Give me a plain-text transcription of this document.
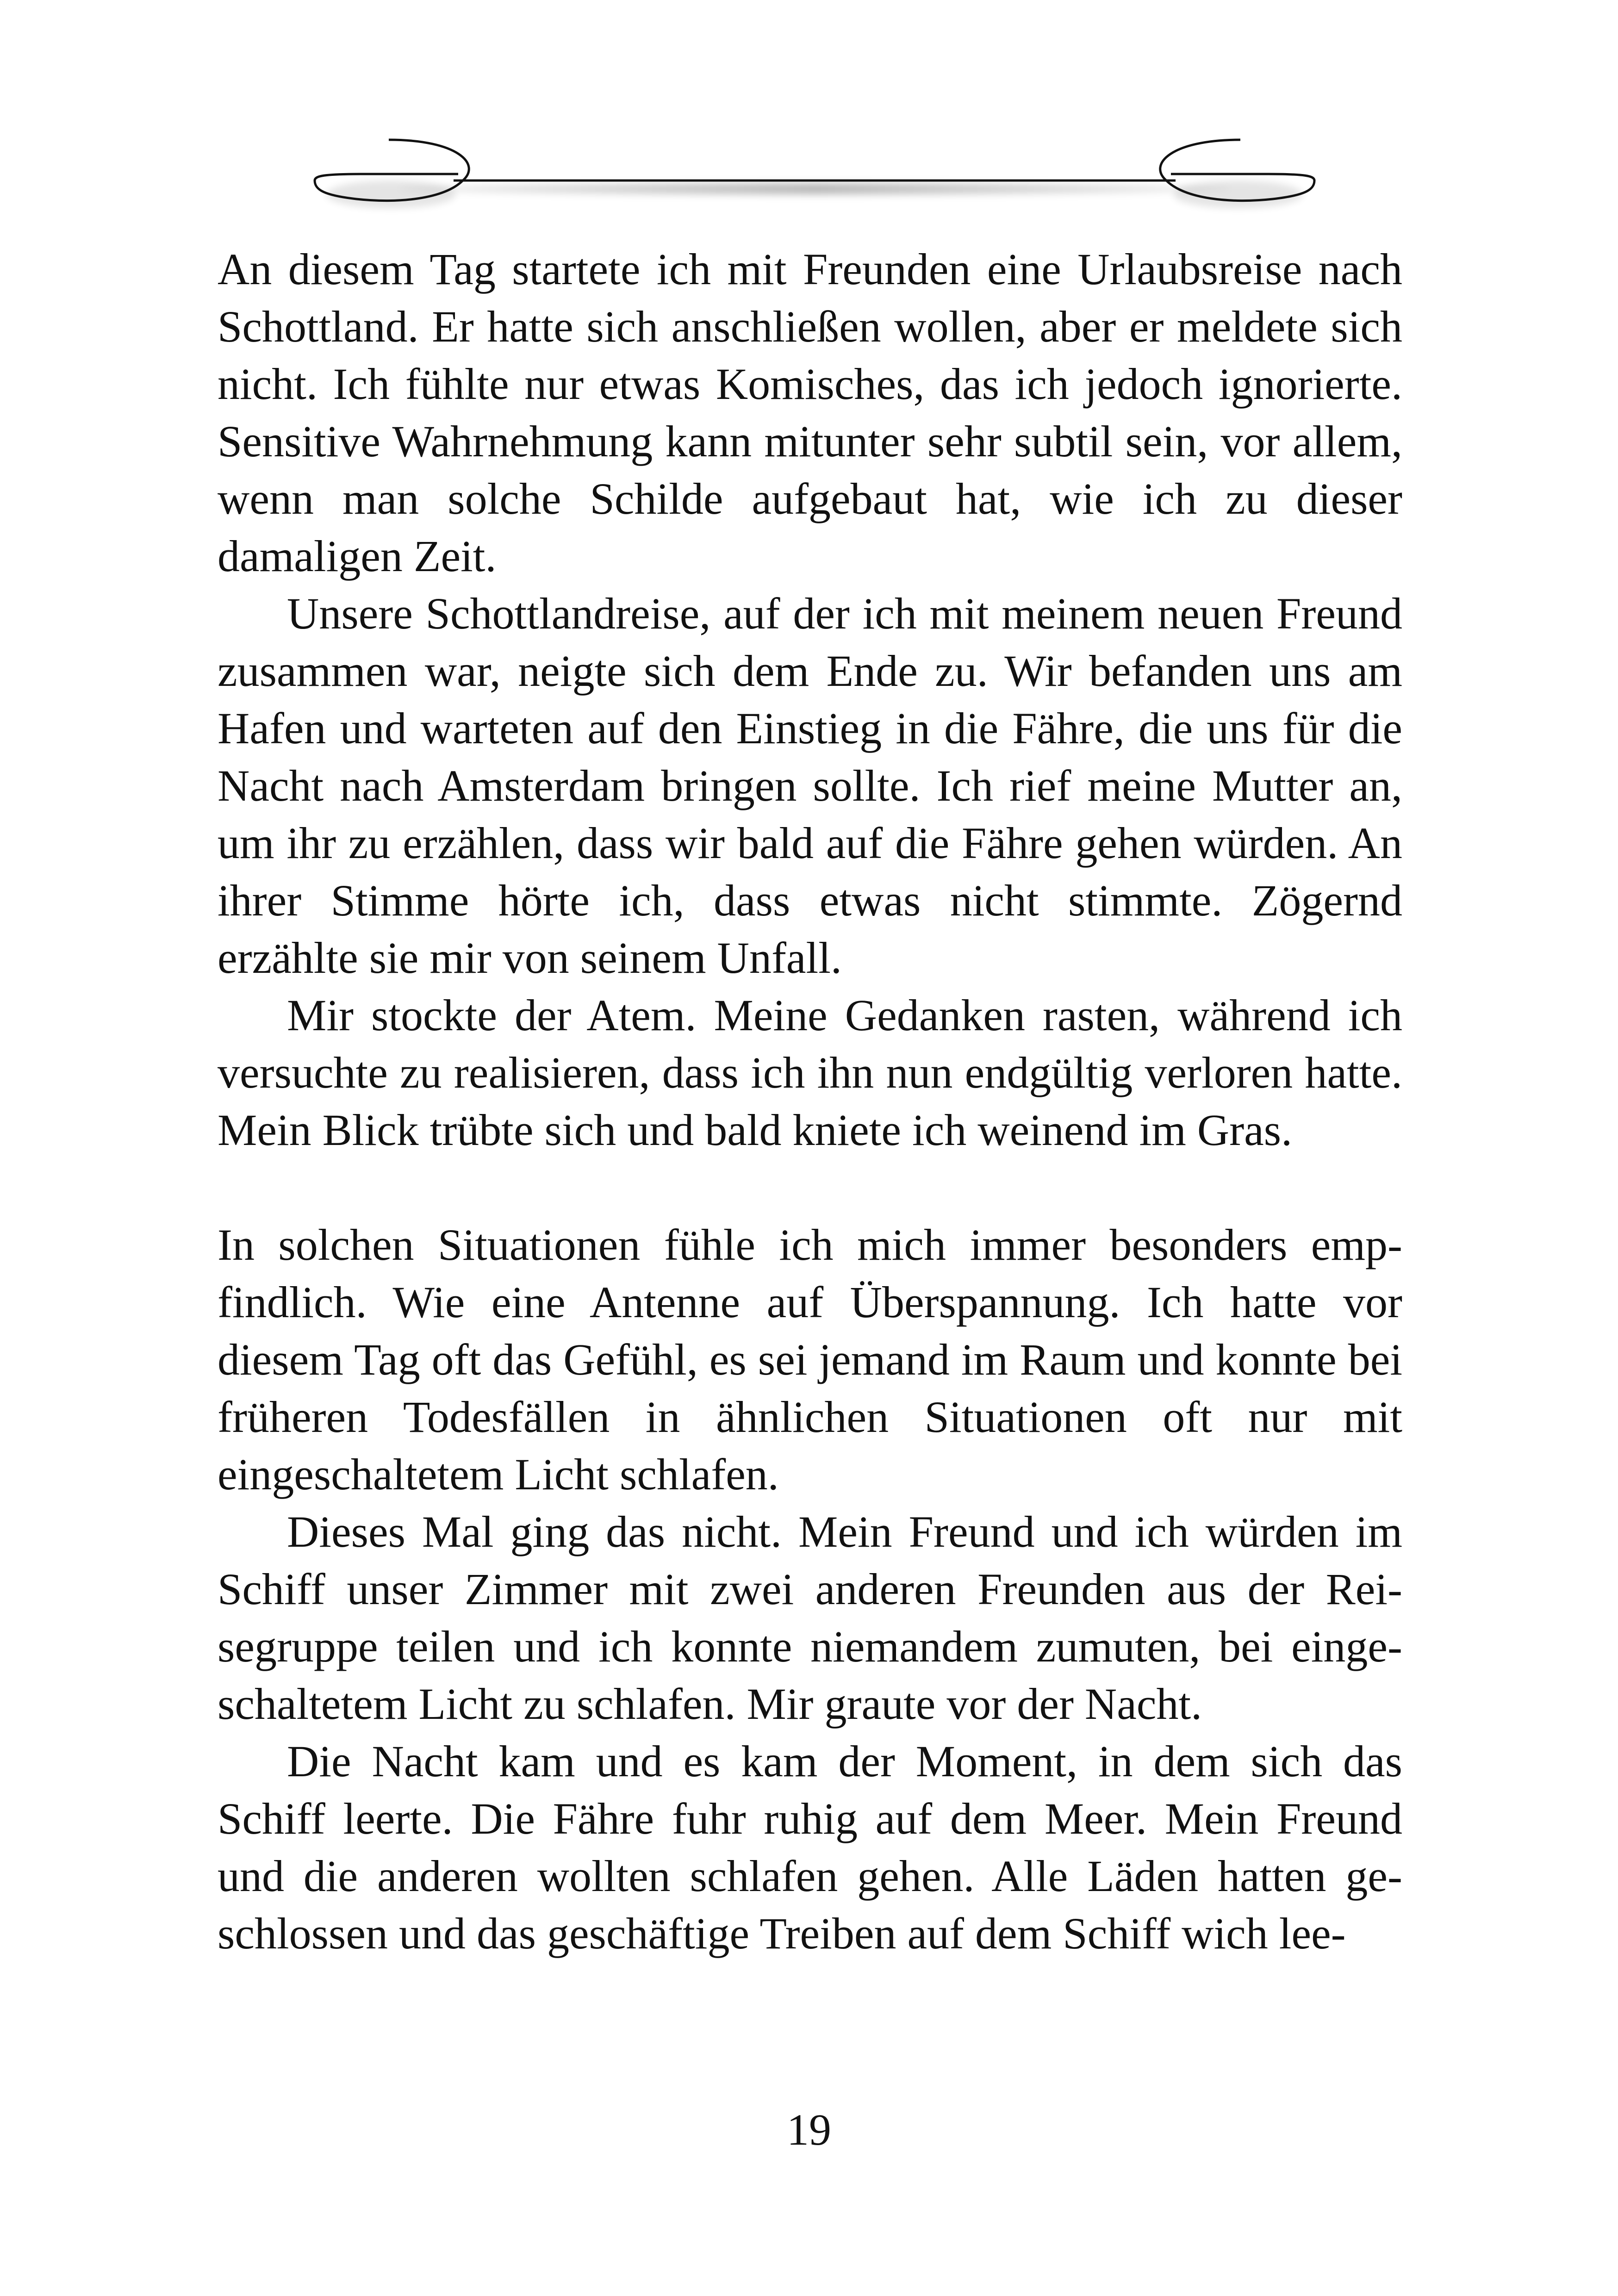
An diesem Tag startete ich mit Freunden eine Urlaubsreise nach Schottland. Er hatte sich anschließen wollen, aber er meldete sich nicht. Ich fühlte nur etwas Komisches, das ich jedoch ignorierte. Sensitive Wahrnehmung kann mitunter sehr subtil sein, vor allem, wenn man solche Schilde aufgebaut hat, wie ich zu dieser damaligen Zeit.

Unsere Schottlandreise, auf der ich mit meinem neuen Freund zusammen war, neigte sich dem Ende zu. Wir befanden uns am Hafen und warteten auf den Einstieg in die Fähre, die uns für die Nacht nach Amsterdam bringen sollte. Ich rief meine Mutter an, um ihr zu erzählen, dass wir bald auf die Fähre gehen würden. An ihrer Stimme hörte ich, dass etwas nicht stimmte. Zögernd erzählte sie mir von seinem Unfall.

Mir stockte der Atem. Meine Gedanken rasten, während ich versuchte zu realisieren, dass ich ihn nun endgültig verloren hatte. Mein Blick trübte sich und bald kniete ich weinend im Gras.

In solchen Situationen fühle ich mich immer besonders empfindlich. Wie eine Antenne auf Überspannung. Ich hatte vor diesem Tag oft das Gefühl, es sei jemand im Raum und konnte bei früheren Todesfällen in ähnlichen Situationen oft nur mit eingeschaltetem Licht schlafen.

Dieses Mal ging das nicht. Mein Freund und ich würden im Schiff unser Zimmer mit zwei anderen Freunden aus der Reisegruppe teilen und ich konnte niemandem zumuten, bei eingeschaltetem Licht zu schlafen. Mir graute vor der Nacht.

Die Nacht kam und es kam der Moment, in dem sich das Schiff leerte. Die Fähre fuhr ruhig auf dem Meer. Mein Freund und die anderen wollten schlafen gehen. Alle Läden hatten geschlossen und das geschäftige Treiben auf dem Schiff wich lee-

19
